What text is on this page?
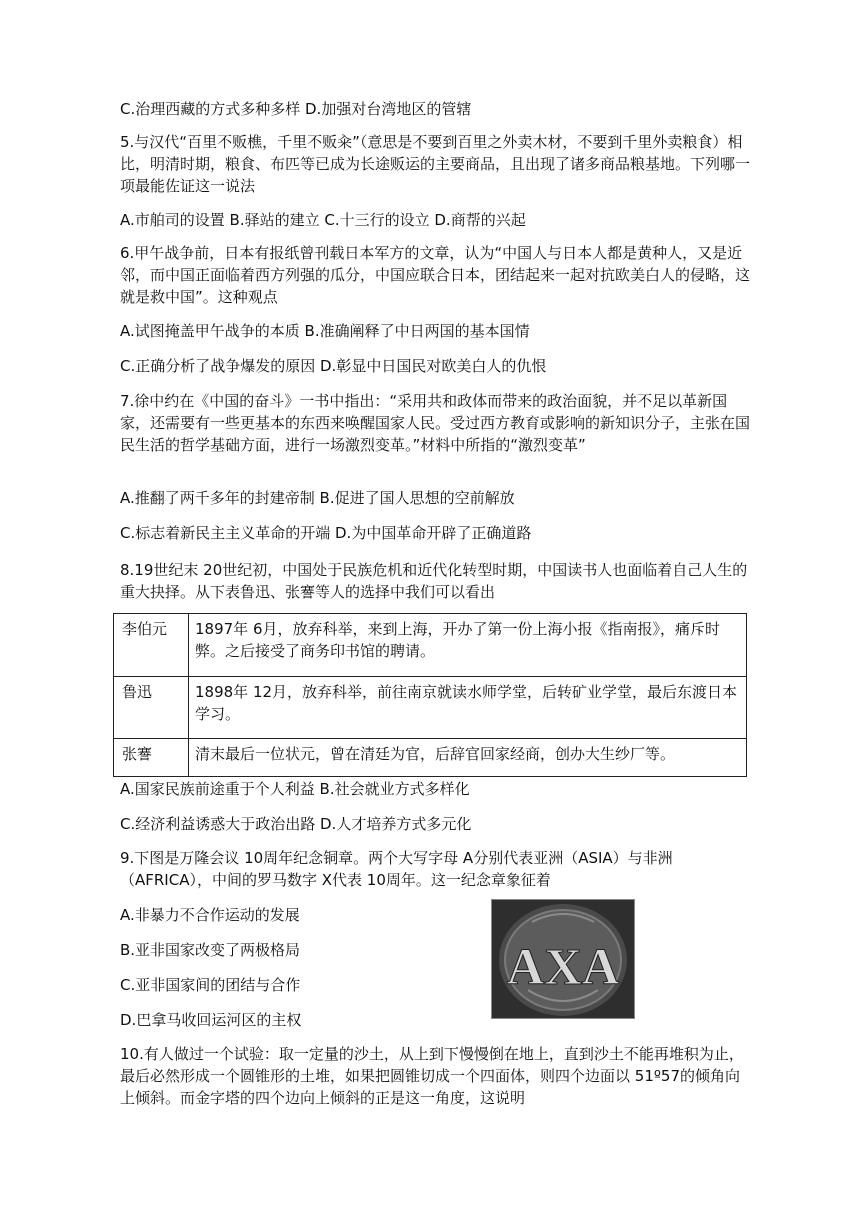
C.治理西藏的方式多种多样 D.加强对台湾地区的管辖
5.与汉代“百里不贩樵，千里不贩籴”（意思是不要到百里之外卖木材，不要到千里外卖粮食）相比，明清时期，粮食、布匹等已成为长途贩运的主要商品，且出现了诸多商品粮基地。下列哪一项最能佐证这一说法
A.市舶司的设置 B.驿站的建立 C.十三行的设立 D.商帮的兴起
6.甲午战争前，日本有报纸曾刊载日本军方的文章，认为“中国人与日本人都是黄种人，又是近邻，而中国正面临着西方列强的瓜分，中国应联合日本，团结起来一起对抗欧美白人的侵略，这就是救中国”。这种观点
A.试图掩盖甲午战争的本质 B.准确阐释了中日两国的基本国情
C.正确分析了战争爆发的原因 D.彰显中日国民对欧美白人的仇恨
7.徐中约在《中国的奋斗》一书中指出：“采用共和政体而带来的政治面貌，并不足以革新国家，还需要有一些更基本的东西来唤醒国家人民。受过西方教育或影响的新知识分子，主张在国民生活的哲学基础方面，进行一场激烈变革。”材料中所指的“激烈变革”
A.推翻了两千多年的封建帝制 B.促进了国人思想的空前解放
C.标志着新民主主义革命的开端 D.为中国革命开辟了正确道路
8.19世纪末 20世纪初，中国处于民族危机和近代化转型时期，中国读书人也面临着自己人生的重大抉择。从下表鲁迅、张謇等人的选择中我们可以看出
李伯元	1897年 6月，放弃科举，来到上海，开办了第一份上海小报《指南报》，痛斥时弊。之后接受了商务印书馆的聘请。
鲁迅	1898年 12月，放弃科举，前往南京就读水师学堂，后转矿业学堂，最后东渡日本学习。
张謇	清末最后一位状元，曾在清廷为官，后辞官回家经商，创办大生纱厂等。
A.国家民族前途重于个人利益 B.社会就业方式多样化
C.经济利益诱惑大于政治出路 D.人才培养方式多元化
9.下图是万隆会议 10周年纪念铜章。两个大写字母 A分别代表亚洲（ASIA）与非洲（AFRICA），中间的罗马数字 X代表 10周年。这一纪念章象征着
A.非暴力不合作运动的发展
B.亚非国家改变了两极格局
C.亚非国家间的团结与合作
D.巴拿马收回运河区的主权
AXA
10.有人做过一个试验：取一定量的沙土，从上到下慢慢倒在地上，直到沙土不能再堆积为止，最后必然形成一个圆锥形的土堆，如果把圆锥切成一个四面体，则四个边面以 51º57的倾角向上倾斜。而金字塔的四个边向上倾斜的正是这一角度，这说明
